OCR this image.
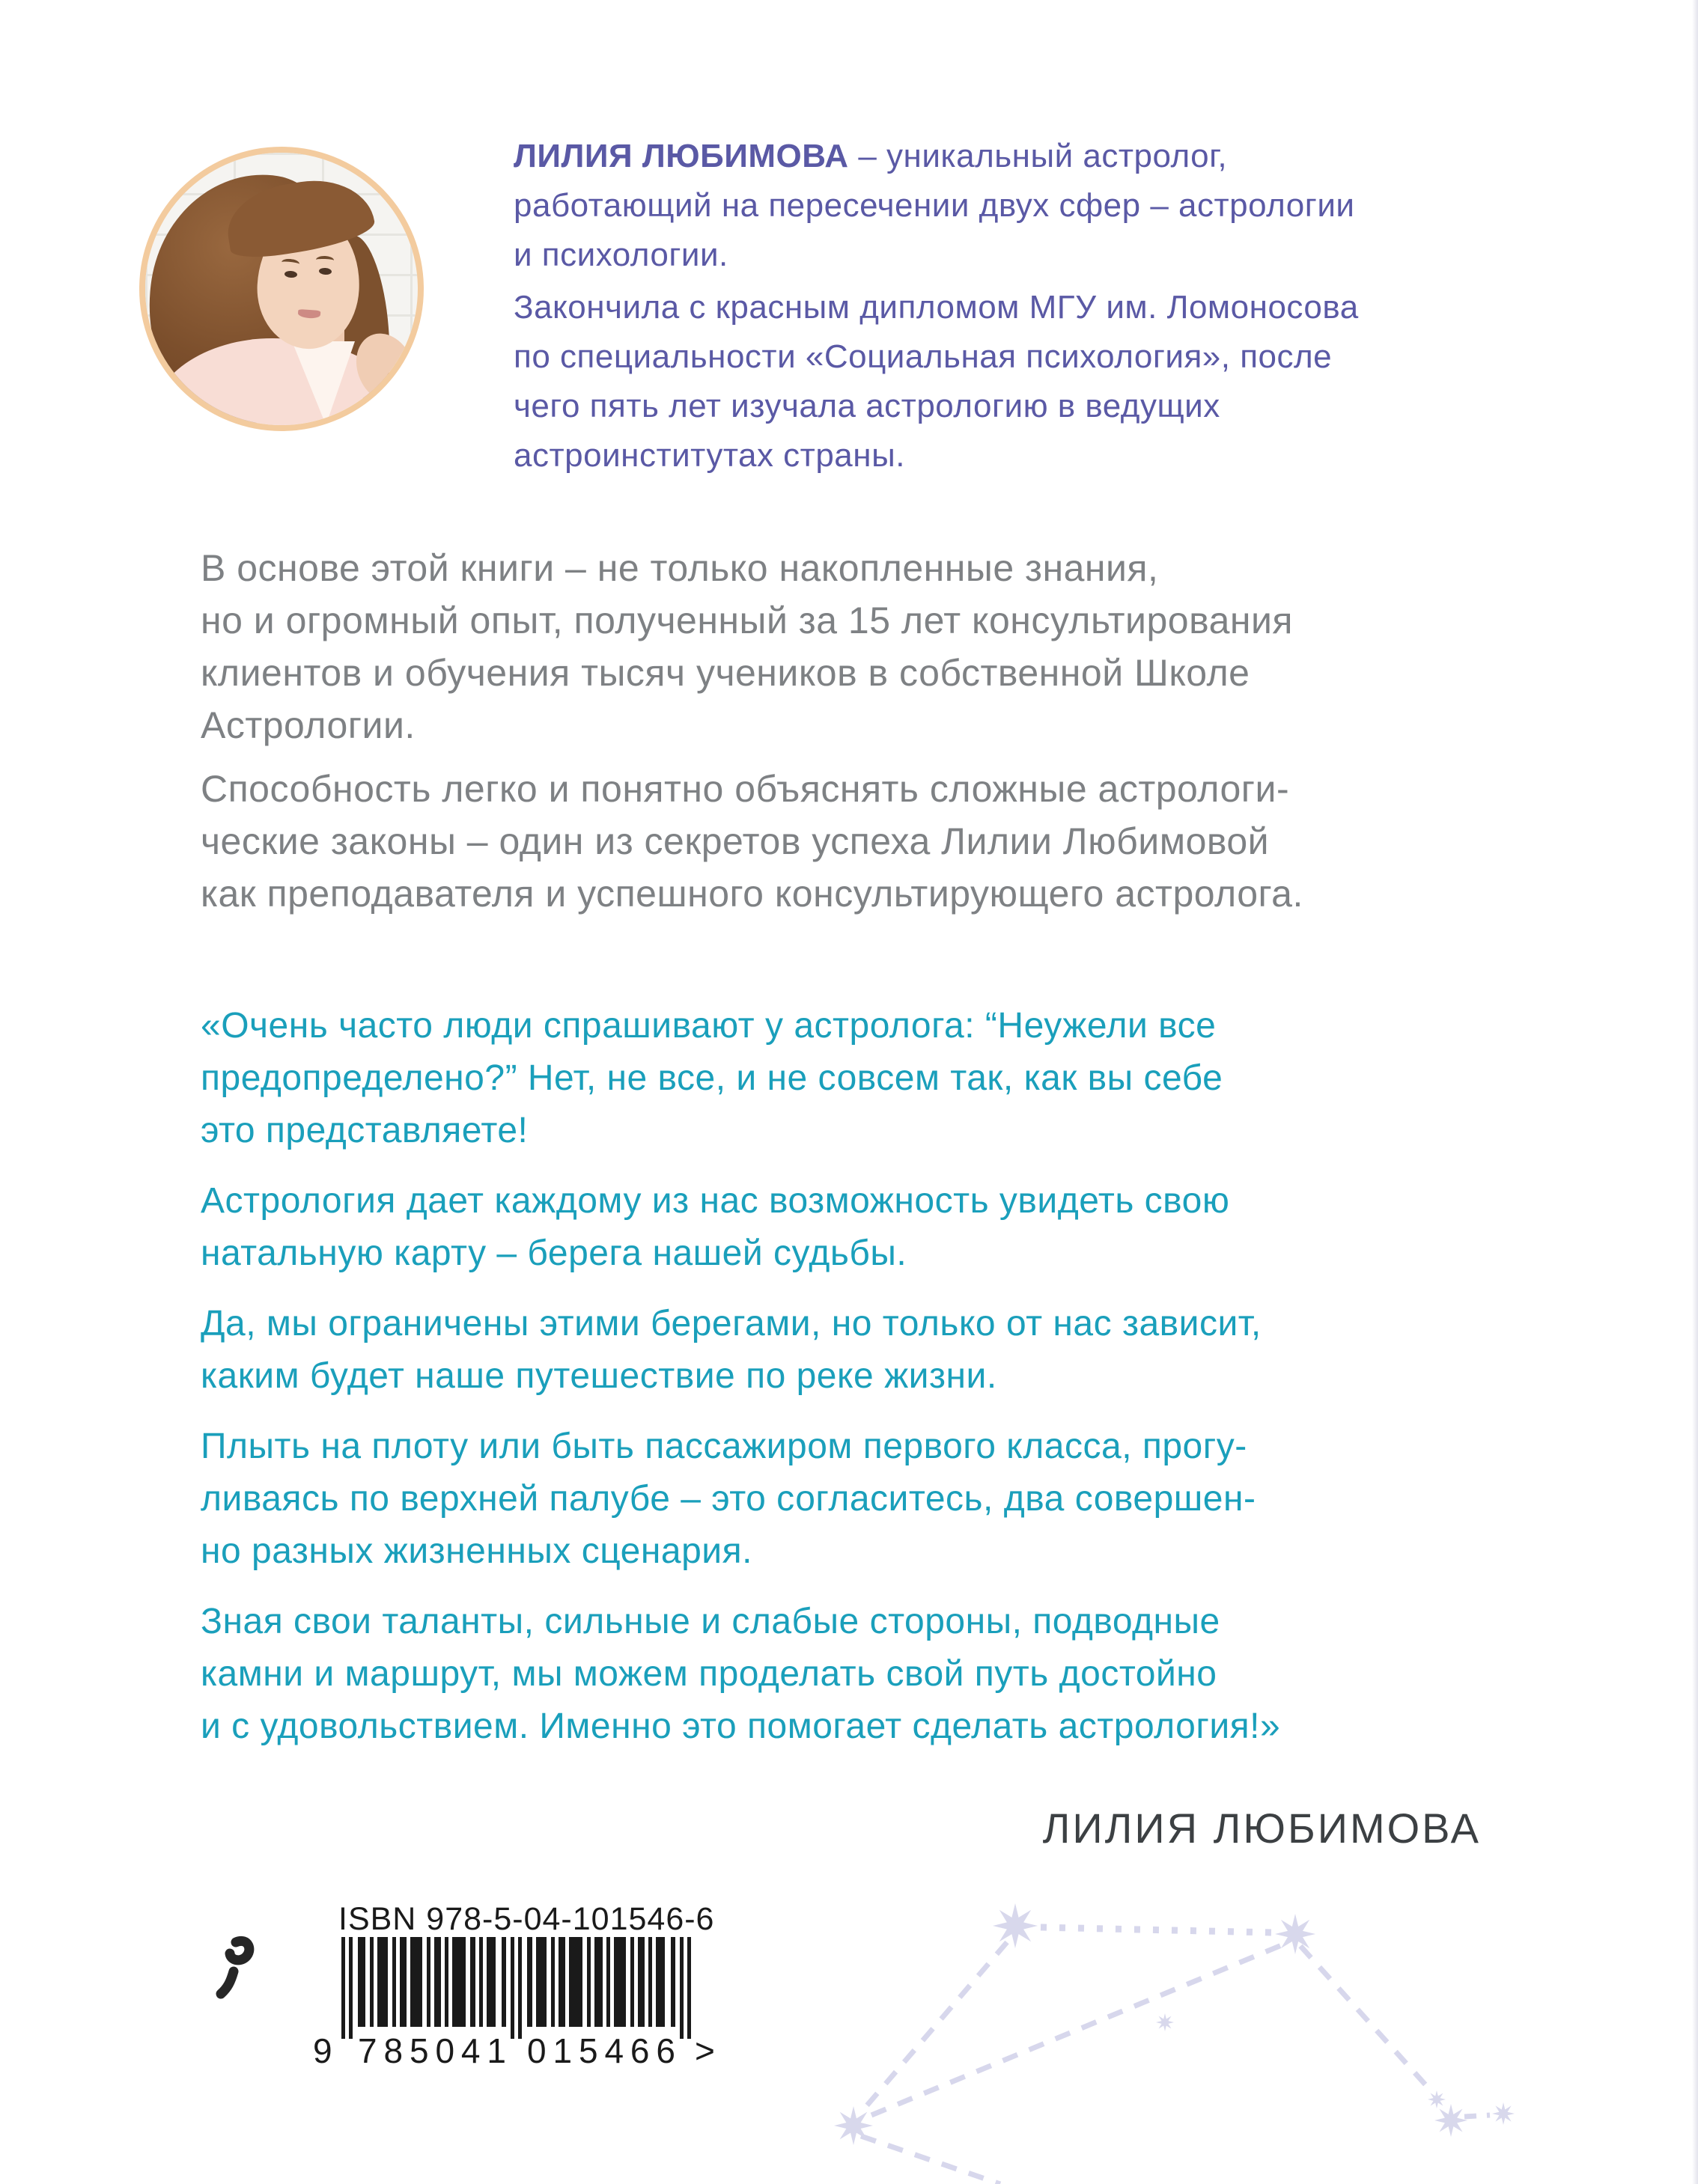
ЛИЛИЯ ЛЮБИМОВА – уникальный астролог,
работающий на пересечении двух сфер – астрологии
и психологии.
Закончила с красным дипломом МГУ им. Ломоносова
по специальности «Социальная психология», после
чего пять лет изучала астрологию в ведущих
астроинститутах страны.
В основе этой книги – не только накопленные знания,
но и огромный опыт, полученный за 15 лет консультирования
клиентов и обучения тысяч учеников в собственной Школе
Астрологии.
Способность легко и понятно объяснять сложные астрологи-
ческие законы – один из секретов успеха Лилии Любимовой
как преподавателя и успешного консультирующего астролога.
«Очень часто люди спрашивают у астролога: “Неужели все
предопределено?” Нет, не все, и не совсем так, как вы себе
это представляете!
Астрология дает каждому из нас возможность увидеть свою
натальную карту – берега нашей судьбы.
Да, мы ограничены этими берегами, но только от нас зависит,
каким будет наше путешествие по реке жизни.
Плыть на плоту или быть пассажиром первого класса, прогу-
ливаясь по верхней палубе – это согласитесь, два совершен-
но разных жизненных сценария.
Зная свои таланты, сильные и слабые стороны, подводные
камни и маршрут, мы можем проделать свой путь достойно
и с удовольствием. Именно это помогает сделать астрология!»
ЛИЛИЯ ЛЮБИМОВА
ISBN 978-5-04-101546-6
9 785041 015466 >
